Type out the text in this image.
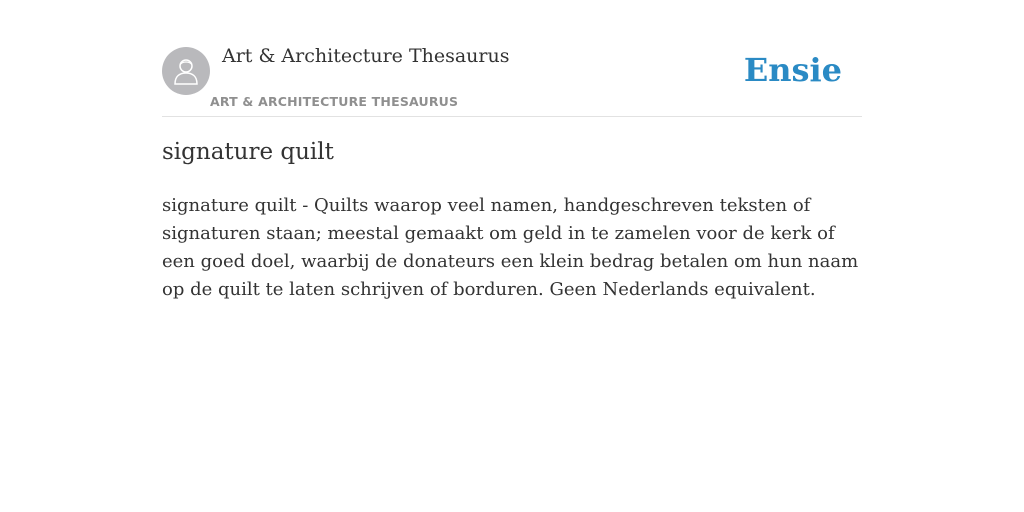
Art & Architecture Thesaurus
ART & ARCHITECTURE THESAURUS
Ensie
signature quilt

signature quilt - Quilts waarop veel namen, handgeschreven teksten of signaturen staan; meestal gemaakt om geld in te zamelen voor de kerk of een goed doel, waarbij de donateurs een klein bedrag betalen om hun naam op de quilt te laten schrijven of borduren. Geen Nederlands equivalent.
